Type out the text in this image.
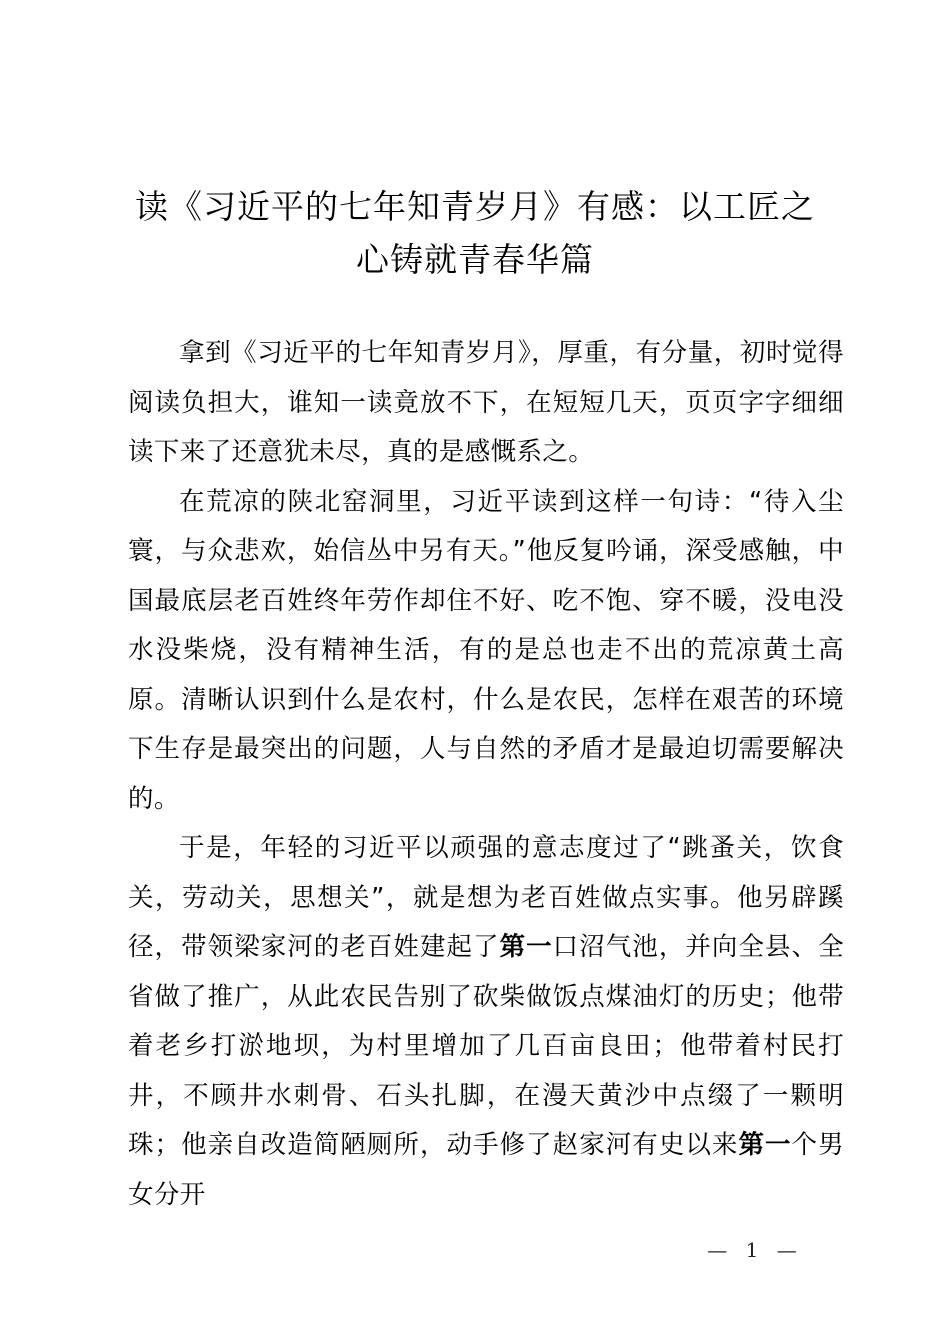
读《习近平的七年知青岁月》有感：以工匠之
心铸就青春华篇

拿到《习近平的七年知青岁月》，厚重，有分量，初时觉得阅读负担大，谁知一读竟放不下，在短短几天，页页字字细细读下来了还意犹未尽，真的是感慨系之。

在荒凉的陕北窑洞里，习近平读到这样一句诗：“待入尘寰，与众悲欢，始信丛中另有天。”他反复吟诵，深受感触，中国最底层老百姓终年劳作却住不好、吃不饱、穿不暖，没电没水没柴烧，没有精神生活，有的是总也走不出的荒凉黄土高原。清晰认识到什么是农村，什么是农民，怎样在艰苦的环境下生存是最突出的问题，人与自然的矛盾才是最迫切需要解决的。

于是，年轻的习近平以顽强的意志度过了“跳蚤关，饮食关，劳动关，思想关”，就是想为老百姓做点实事。他另辟蹊径，带领梁家河的老百姓建起了第一口沼气池，并向全县、全省做了推广，从此农民告别了砍柴做饭点煤油灯的历史；他带着老乡打淤地坝，为村里增加了几百亩良田；他带着村民打井，不顾井水刺骨、石头扎脚，在漫天黄沙中点缀了一颗明珠；他亲自改造简陋厕所，动手修了赵家河有史以来第一个男女分开

— 1 —
